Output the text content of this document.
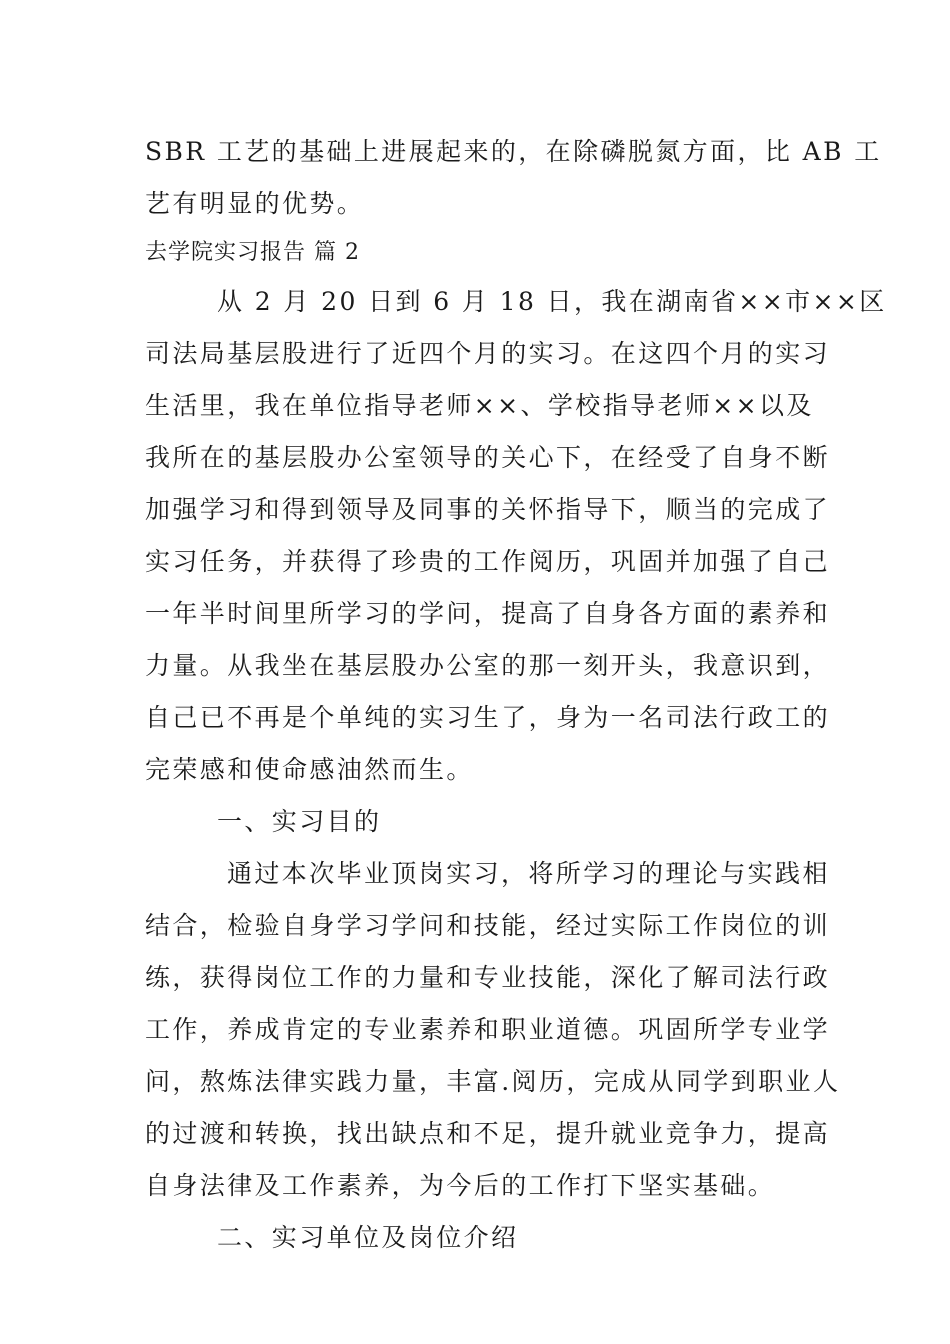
SBR 工艺的基础上进展起来的，在除磷脱氮方面，比 AB 工
艺有明显的优势。
去学院实习报告 篇 2
从 2 月 20 日到 6 月 18 日，我在湖南省××市××区
司法局基层股进行了近四个月的实习。在这四个月的实习
生活里，我在单位指导老师××、学校指导老师××以及
我所在的基层股办公室领导的关心下，在经受了自身不断
加强学习和得到领导及同事的关怀指导下，顺当的完成了
实习任务，并获得了珍贵的工作阅历，巩固并加强了自己
一年半时间里所学习的学问，提高了自身各方面的素养和
力量。从我坐在基层股办公室的那一刻开头，我意识到，
自己已不再是个单纯的实习生了，身为一名司法行政工的
完荣感和使命感油然而生。
一、实习目的
通过本次毕业顶岗实习，将所学习的理论与实践相
结合，检验自身学习学问和技能，经过实际工作岗位的训
练，获得岗位工作的力量和专业技能，深化了解司法行政
工作，养成肯定的专业素养和职业道德。巩固所学专业学
问，熬炼法律实践力量，丰富.阅历，完成从同学到职业人
的过渡和转换，找出缺点和不足，提升就业竞争力，提高
自身法律及工作素养，为今后的工作打下坚实基础。
二、实习单位及岗位介绍
